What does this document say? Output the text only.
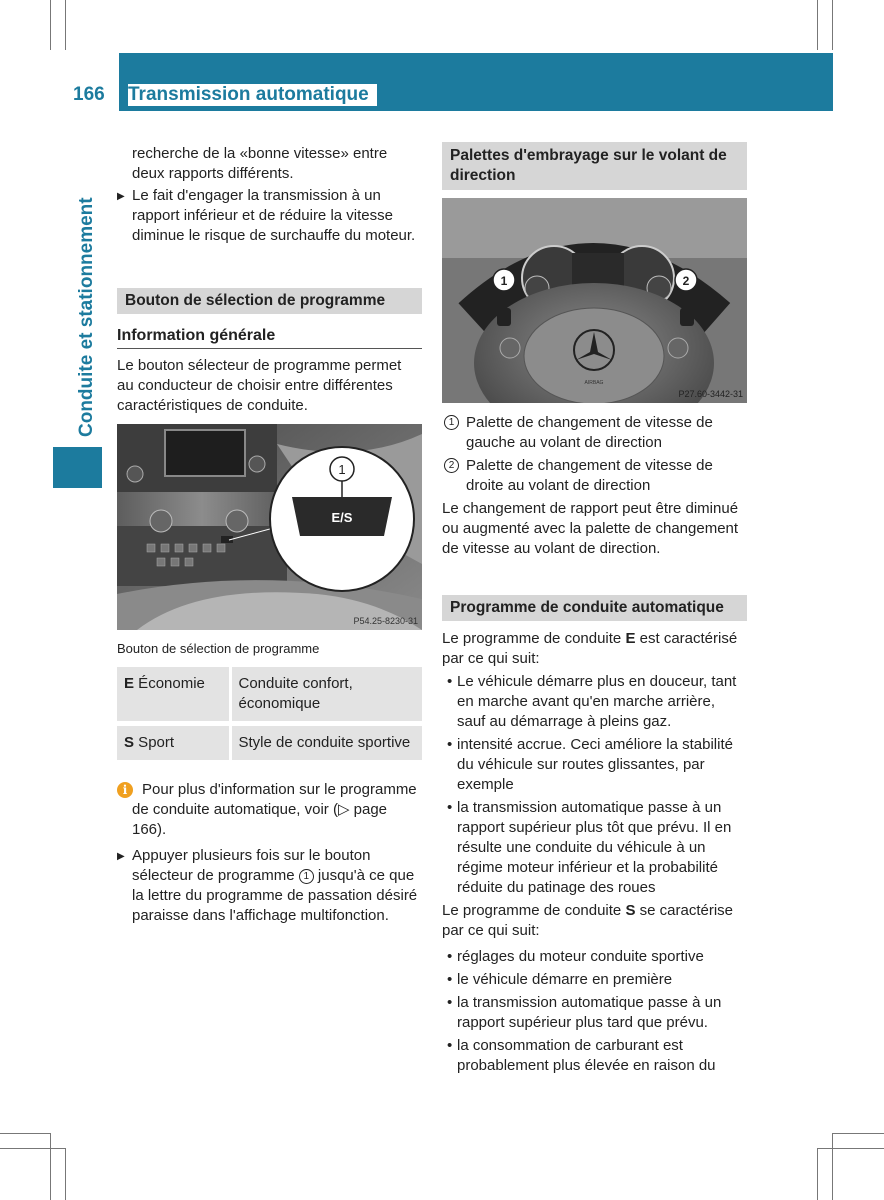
166 Transmission automatique
Conduite et stationnement
recherche de la «bonne vitesse» entre deux rapports différents.
▶ Le fait d'engager la transmission à un rapport inférieur et de réduire la vitesse diminue le risque de surchauffe du moteur.
Bouton de sélection de programme
Information générale
Le bouton sélecteur de programme permet au conducteur de choisir entre différentes caractéristiques de conduite.
1
E/S
P54.25-8230-31
Bouton de sélection de programme
E Économie	Conduite confort, économique
S Sport	Style de conduite sportive
i Pour plus d'information sur le programme de conduite automatique, voir (▷ page 166).
▶ Appuyer plusieurs fois sur le bouton sélecteur de programme 1 jusqu'à ce que la lettre du programme de passation désiré paraisse dans l'affichage multifonction.
Palettes d'embrayage sur le volant de direction
AIRBAG
1	2
P27.60-3442-31
1 Palette de changement de vitesse de gauche au volant de direction
2 Palette de changement de vitesse de droite au volant de direction
Le changement de rapport peut être diminué ou augmenté avec la palette de changement de vitesse au volant de direction.
Programme de conduite automatique
Le programme de conduite E est caractérisé par ce qui suit:
• Le véhicule démarre plus en douceur, tant en marche avant qu'en marche arrière, sauf au démarrage à pleins gaz.
• intensité accrue. Ceci améliore la stabilité du véhicule sur routes glissantes, par exemple
• la transmission automatique passe à un rapport supérieur plus tôt que prévu. Il en résulte une conduite du véhicule à un régime moteur inférieur et la probabilité réduite du patinage des roues
Le programme de conduite S se caractérise par ce qui suit:
• réglages du moteur conduite sportive
• le véhicule démarre en première
• la transmission automatique passe à un rapport supérieur plus tard que prévu.
• la consommation de carburant est probablement plus élevée en raison du
